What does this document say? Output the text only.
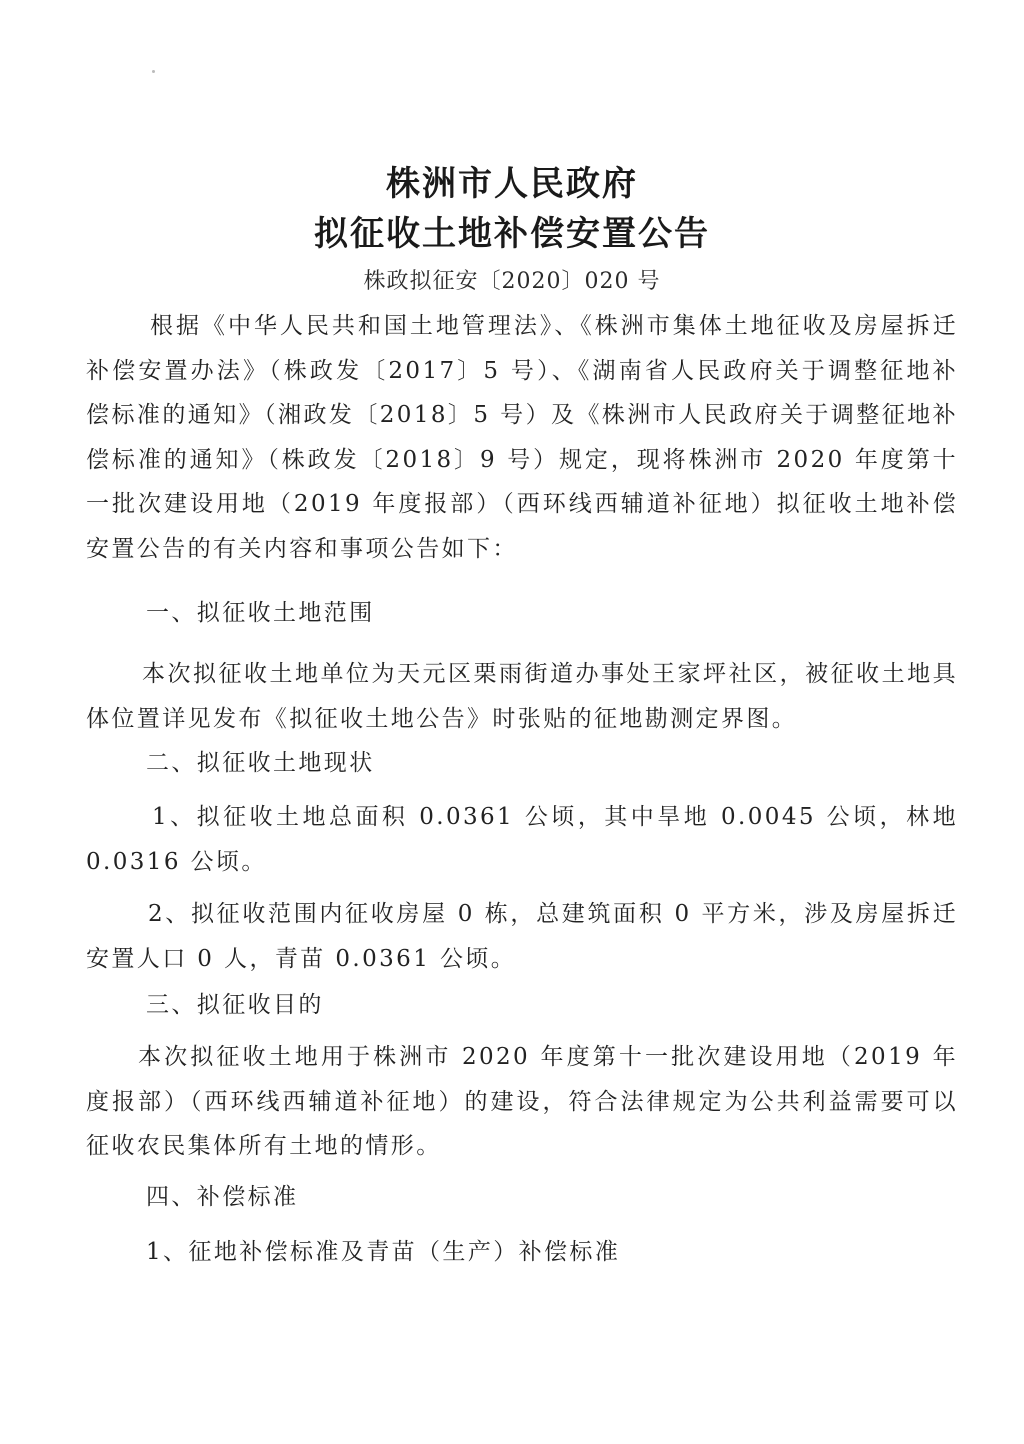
株洲市人民政府
拟征收土地补偿安置公告
株政拟征安〔2020〕020 号
根据《中华人民共和国土地管理法》、《株洲市集体土地征收及房屋拆迁补偿安置办法》（株政发〔2017〕5 号）、《湖南省人民政府关于调整征地补偿标准的通知》（湘政发〔2018〕5 号）及《株洲市人民政府关于调整征地补偿标准的通知》（株政发〔2018〕9 号）规定，现将株洲市 2020 年度第十一批次建设用地（2019 年度报部）（西环线西辅道补征地）拟征收土地补偿安置公告的有关内容和事项公告如下：
一、拟征收土地范围
本次拟征收土地单位为天元区栗雨街道办事处王家坪社区，被征收土地具体位置详见发布《拟征收土地公告》时张贴的征地勘测定界图。
二、拟征收土地现状
1、拟征收土地总面积 0.0361 公顷，其中旱地 0.0045 公顷，林地 0.0316 公顷。
2、拟征收范围内征收房屋 0 栋，总建筑面积 0 平方米，涉及房屋拆迁安置人口 0 人，青苗 0.0361 公顷。
三、拟征收目的
本次拟征收土地用于株洲市 2020 年度第十一批次建设用地（2019 年度报部）（西环线西辅道补征地）的建设，符合法律规定为公共利益需要可以征收农民集体所有土地的情形。
四、补偿标准
1、征地补偿标准及青苗（生产）补偿标准
